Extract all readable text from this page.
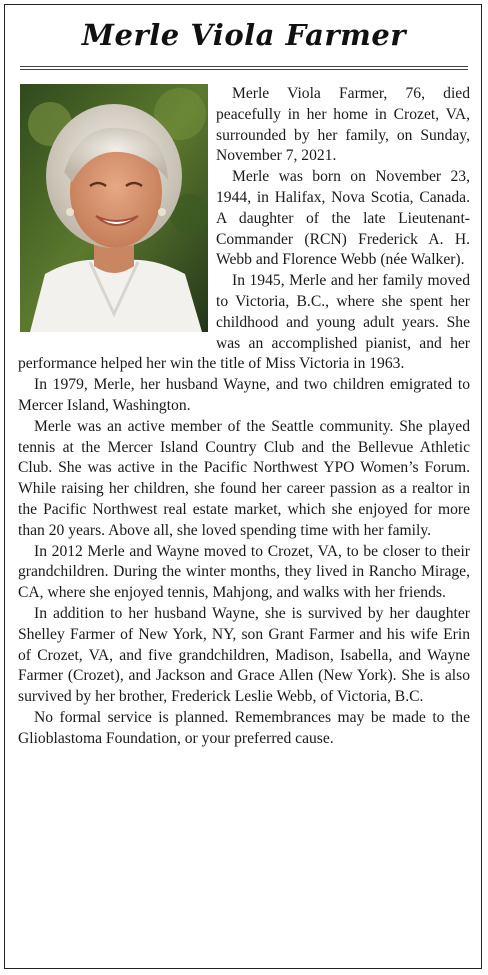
Merle Viola Farmer

Merle Viola Farmer, 76, died peacefully in her home in Crozet, VA, surrounded by her family, on Sunday, November 7, 2021.

Merle was born on November 23, 1944, in Halifax, Nova Scotia, Canada. A daughter of the late Lieutenant-Commander (RCN) Frederick A. H. Webb and Florence Webb (née Walker).

In 1945, Merle and her family moved to Victoria, B.C., where she spent her childhood and young adult years. She was an accomplished pianist, and her performance helped her win the title of Miss Victoria in 1963.

In 1979, Merle, her husband Wayne, and two children emigrated to Mercer Island, Washington.

Merle was an active member of the Seattle community. She played tennis at the Mercer Island Country Club and the Bellevue Athletic Club. She was active in the Pacific Northwest YPO Women’s Forum. While raising her children, she found her career passion as a realtor in the Pacific Northwest real estate market, which she enjoyed for more than 20 years. Above all, she loved spending time with her family.

In 2012 Merle and Wayne moved to Crozet, VA, to be closer to their grandchildren. During the winter months, they lived in Rancho Mirage, CA, where she enjoyed tennis, Mahjong, and walks with her friends.

In addition to her husband Wayne, she is survived by her daughter Shelley Farmer of New York, NY, son Grant Farmer and his wife Erin of Crozet, VA, and five grandchildren, Madison, Isabella, and Wayne Farmer (Crozet), and Jackson and Grace Allen (New York). She is also survived by her brother, Frederick Leslie Webb, of Victoria, B.C.

No formal service is planned. Remembrances may be made to the Glioblastoma Foundation, or your preferred cause.
